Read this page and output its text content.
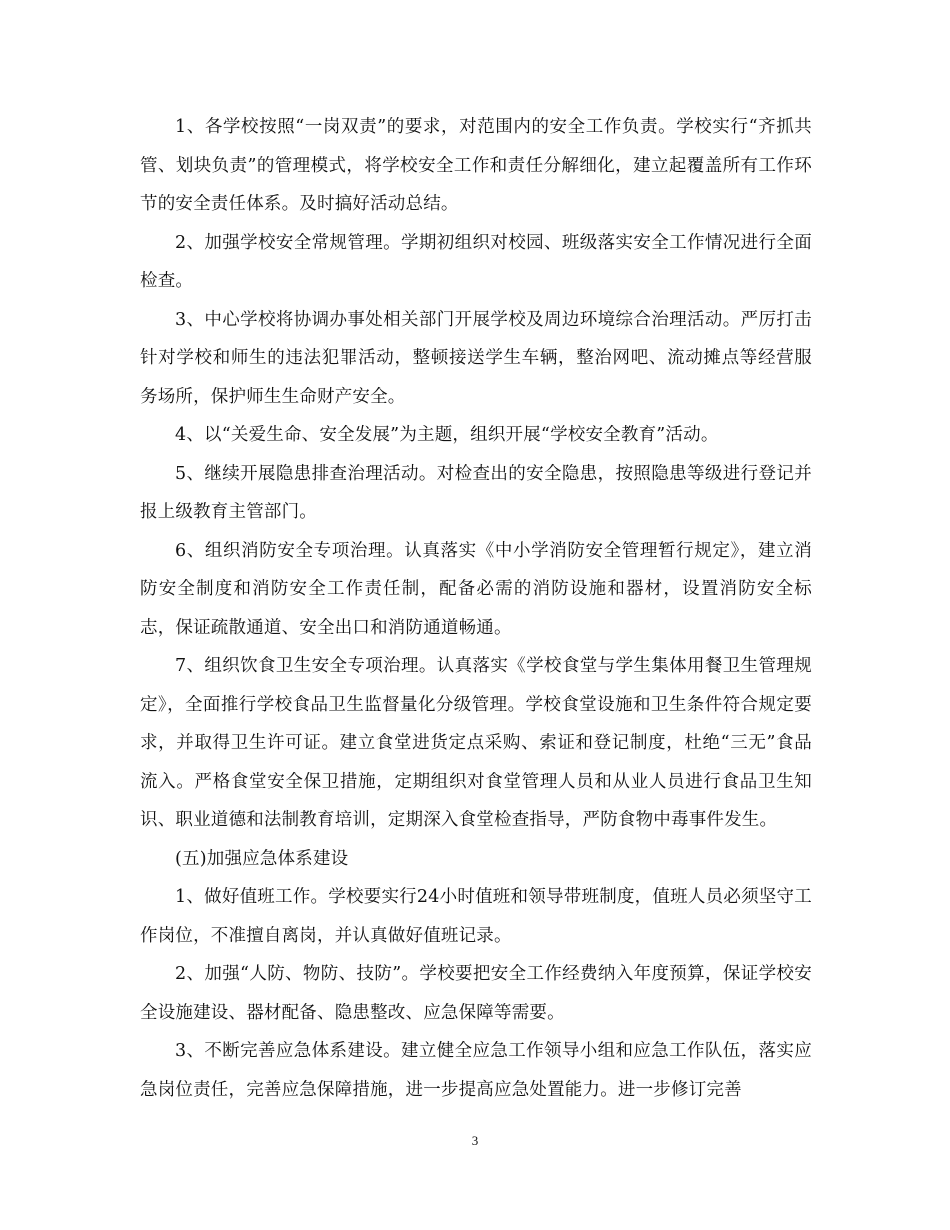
1、各学校按照“一岗双责”的要求，对范围内的安全工作负责。学校实行“齐抓共管、划块负责”的管理模式，将学校安全工作和责任分解细化，建立起覆盖所有工作环节的安全责任体系。及时搞好活动总结。

2、加强学校安全常规管理。学期初组织对校园、班级落实安全工作情况进行全面检查。

3、中心学校将协调办事处相关部门开展学校及周边环境综合治理活动。严厉打击针对学校和师生的违法犯罪活动，整顿接送学生车辆，整治网吧、流动摊点等经营服务场所，保护师生生命财产安全。

4、以“关爱生命、安全发展”为主题，组织开展“学校安全教育”活动。

5、继续开展隐患排查治理活动。对检查出的安全隐患，按照隐患等级进行登记并报上级教育主管部门。

6、组织消防安全专项治理。认真落实《中小学消防安全管理暂行规定》，建立消防安全制度和消防安全工作责任制，配备必需的消防设施和器材，设置消防安全标志，保证疏散通道、安全出口和消防通道畅通。

7、组织饮食卫生安全专项治理。认真落实《学校食堂与学生集体用餐卫生管理规定》，全面推行学校食品卫生监督量化分级管理。学校食堂设施和卫生条件符合规定要求，并取得卫生许可证。建立食堂进货定点采购、索证和登记制度，杜绝“三无”食品流入。严格食堂安全保卫措施，定期组织对食堂管理人员和从业人员进行食品卫生知识、职业道德和法制教育培训，定期深入食堂检查指导，严防食物中毒事件发生。

(五)加强应急体系建设

1、做好值班工作。学校要实行24小时值班和领导带班制度，值班人员必须坚守工作岗位，不准擅自离岗，并认真做好值班记录。

2、加强“人防、物防、技防”。学校要把安全工作经费纳入年度预算，保证学校安全设施建设、器材配备、隐患整改、应急保障等需要。

3、不断完善应急体系建设。建立健全应急工作领导小组和应急工作队伍，落实应急岗位责任，完善应急保障措施，进一步提高应急处置能力。进一步修订完善

3
